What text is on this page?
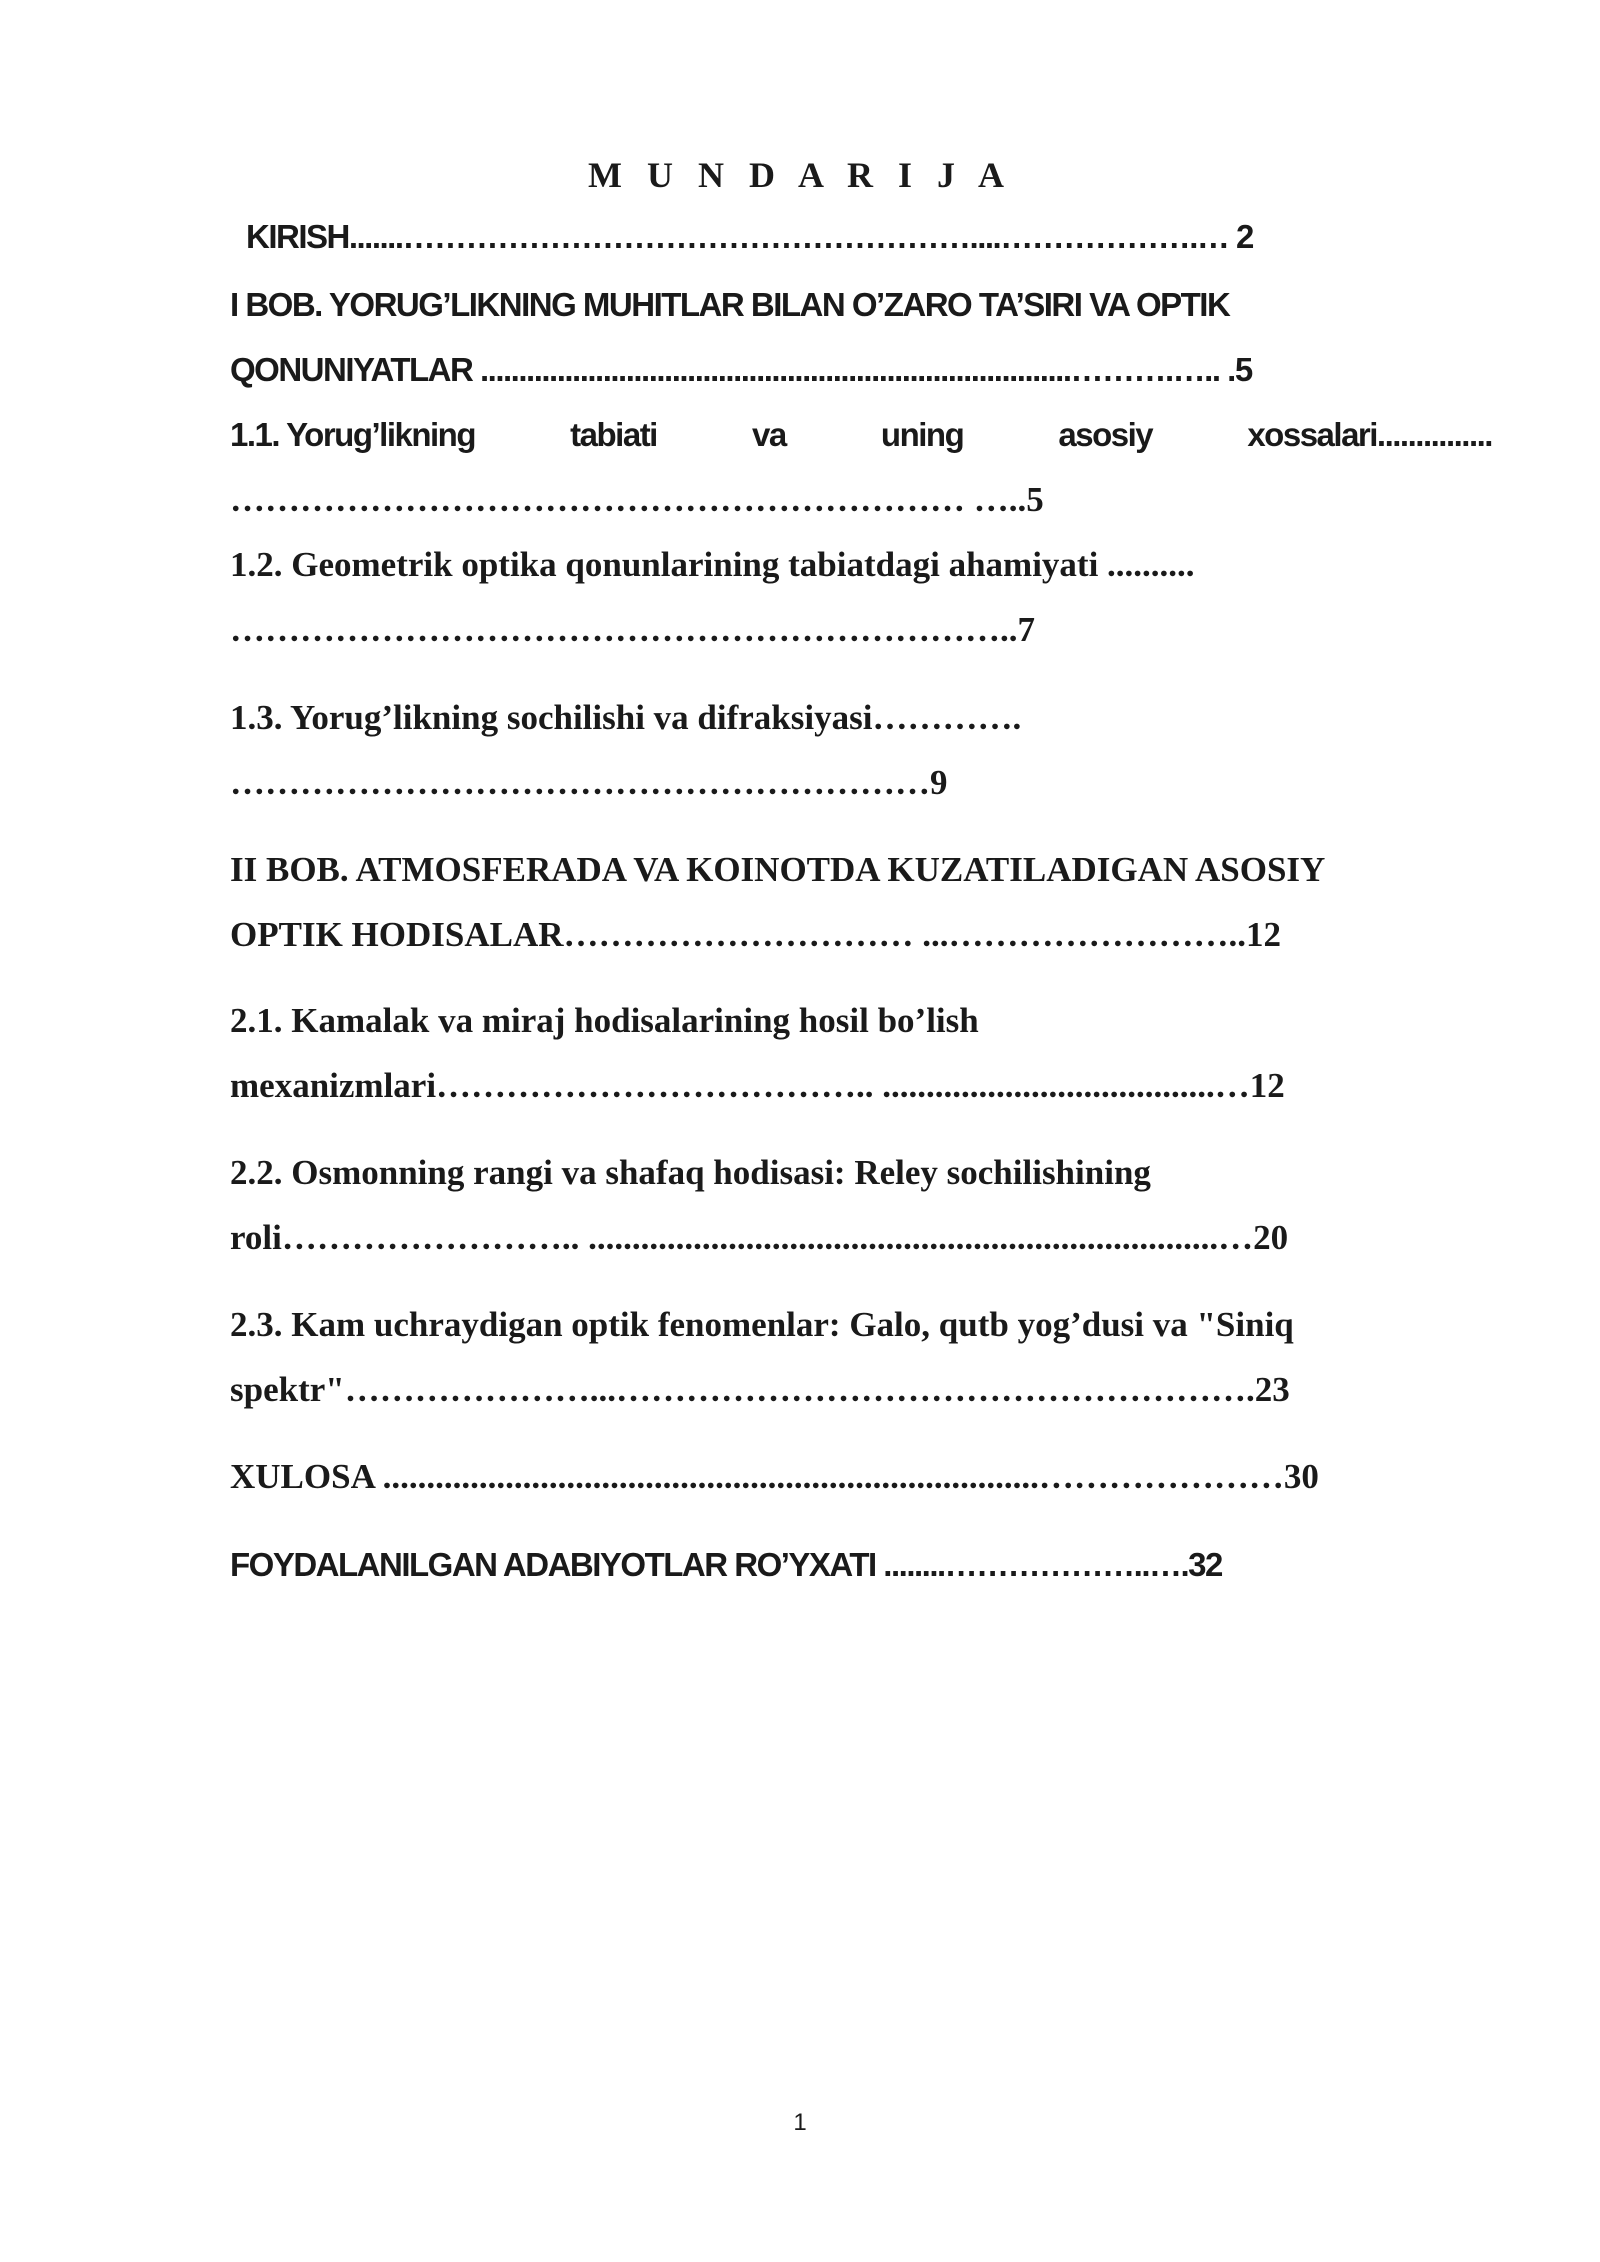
M U N D A R I J A
KIRISH.......………………………………………………....……………….… 2
I BOB. YORUG’LIKNING MUHITLAR BILAN O’ZARO TA’SIRI VA OPTIK
QONUNIYATLAR .............................................................................……….….. .5
1.1. Yorug’likning	tabiati	va	uning	asosiy	xossalari...............
……………………………………………………… …..5
1.2. Geometrik optika qonunlarining tabiatdagi ahamiyati ..........
…………………………………………………………..7
1.3. Yorug’likning sochilishi va difraksiyasi………….
……………………………………………………9
II BOB. ATMOSFERADA VA KOINOTDA KUZATILADIGAN ASOSIY
OPTIK HODISALAR………………………… ...……………………..12
2.1. Kamalak va miraj hodisalarining hosil bo’lish
mexanizmlari……………………………….. ......................................…12
2.2. Osmonning rangi va shafaq hodisasi: Reley sochilishining
roli…………………….. ........................................................................…20
2.3. Kam uchraydigan optik fenomenlar: Galo, qutb yog’dusi va "Siniq
spektr"…………………...……………………………………………….23
XULOSA ...........................................................................…………………30
FOYDALANILGAN ADABIYOTLAR RO’YXATI ........………………..….32
1
